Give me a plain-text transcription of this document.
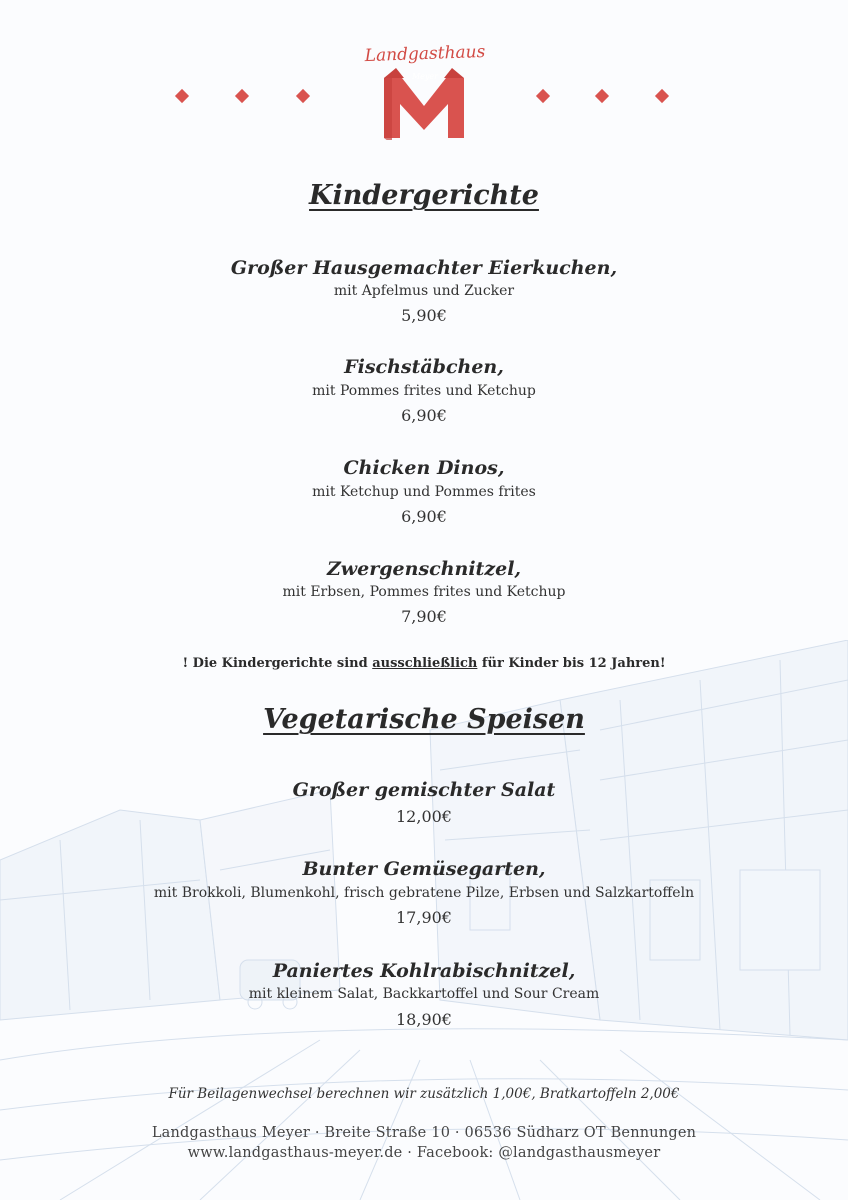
Landgasthaus
Meyer
Kindergerichte
Großer Hausgemachter Eierkuchen,
mit Apfelmus und Zucker
5,90€
Fischstäbchen,
mit Pommes frites und Ketchup
6,90€
Chicken Dinos,
mit Ketchup und Pommes frites
6,90€
Zwergenschnitzel,
mit Erbsen, Pommes frites und Ketchup
7,90€
! Die Kindergerichte sind ausschließlich für Kinder bis 12 Jahren!
Vegetarische Speisen
Großer gemischter Salat
12,00€
Bunter Gemüsegarten,
mit Brokkoli, Blumenkohl, frisch gebratene Pilze, Erbsen und Salzkartoffeln
17,90€
Paniertes Kohlrabischnitzel,
mit kleinem Salat, Backkartoffel und Sour Cream
18,90€
Für Beilagenwechsel berechnen wir zusätzlich 1,00€, Bratkartoffeln 2,00€
Landgasthaus Meyer · Breite Straße 10 · 06536 Südharz OT Bennungen
www.landgasthaus-meyer.de · Facebook: @landgasthausmeyer
